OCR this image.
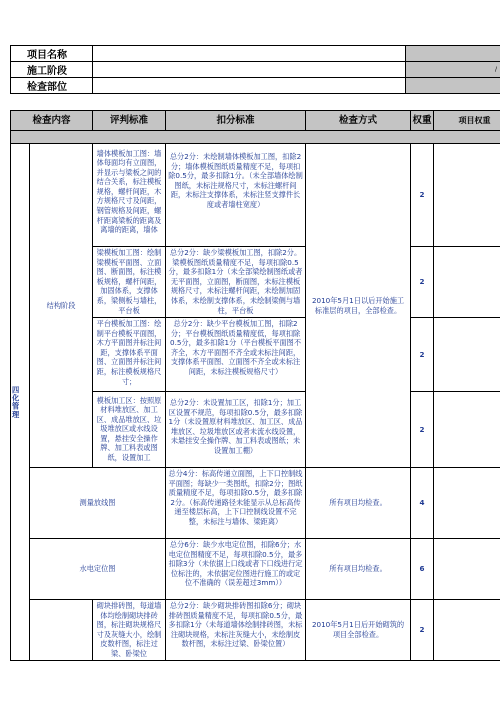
项目名称		
施工阶段		
检查部位		
/
检查内容		评判标准	扣分标准	检查方式	权重	项目权重

四化管理	结构阶段	墙体模板加工图：墙体每面均有立面图，并显示与梁板之间的结合关系，标注模板规格，螺杆间距，木方规格尺寸及间距，钢管规格及间距，螺杆距离梁板的距离及离墙的距离，墙体	总分2分：未绘制墙体模板加工图，扣除2分；墙体模板图纸质量精度不足，每项扣除0.5分，最多扣除1分。（未全部墙体绘制图纸，未标注规格尺寸，未标注螺杆间距，未标注支撑体系，未标注竖支撑件长度或者墙柱宽度）	2010年5月1日以后开始施工标准层的项目，全部检查。	2	

		梁模板加工图：绘制梁模板平面图、立面图、断面图，标注模板规格，螺杆间距，加固体系，支撑体系，梁侧板与墙柱，平台板	总分2分：缺少梁模板加工图，扣除2分。梁模板图纸质量精度不足，每项扣除0.5分，最多扣除1分（未全部梁绘制图纸或者无平面图，立面图，断面图，未标注模板规格尺寸，未标注螺杆间距，未绘制加固体系，未绘制支撑体系，未绘制梁侧与墙柱，平台板		2	

		平台模板加工图：绘制平台模板平面图，木方平面图并标注间距，支撑体系平面图、立面图并标注间距，标注模板规格尺寸；	总分2分：缺少平台模板加工图，扣除2分；平台模板图纸质量精度低，每项扣除0.5分，最多扣除1分（平台模板平面图不齐全，木方平面图不齐全或未标注间距，支撑体系平面图、立面图不齐全或未标注间距，未标注模板规格尺寸）		2	

		模板加工区：按照原材料堆放区、加工区、成品堆放区、垃圾堆放区或水线设置，悬挂安全操作牌、加工料表或图纸，设置加工	总分2分：未设置加工区，扣除1分；加工区设置不规范，每项扣除0.5分，最多扣除1分（未设置原材料堆放区、加工区、成品堆放区、垃圾堆放区或者未流水线设置，未悬挂安全操作牌、加工料表或图纸；未设置加工棚）		2	

测量放线图		总分4分：标高传递立面图，上下口控制线平面图；每缺少一类图纸，扣除2分；图纸质量精度不足，每项扣除0.5分，最多扣除2分。（标高传递路径未能显示从总标高传递至楼层标高，上下口控制线设置不完整，未标注与墙体、梁距离）	所有项目均检查。	4	

水电定位图		总分6分：缺少水电定位图，扣除6分；水电定位图精度不足，每项扣除0.5分，最多扣除3分（未依据上口线或者下口线进行定位标注的，未依据定位图进行施工的或定位不准确的（误差超过3mm））	所有项目均检查。	6	

		砌块排砖图，每道墙体均绘制砌块排砖图，标注砌块规格尺寸及灰缝大小，绘制皮数杆图，标注过梁、卧梁位	总分2分：缺少砌块排砖图扣除6分；砌块排砖图质量精度不足，每项扣除0.5分，最多扣除1分（未每道墙体绘制排砖图，未标注砌块规格，未标注灰缝大小，未绘制皮数杆图，未标注过梁、卧梁位置）	2010年5月1日后开始砌筑的项目全部检查。	2	
